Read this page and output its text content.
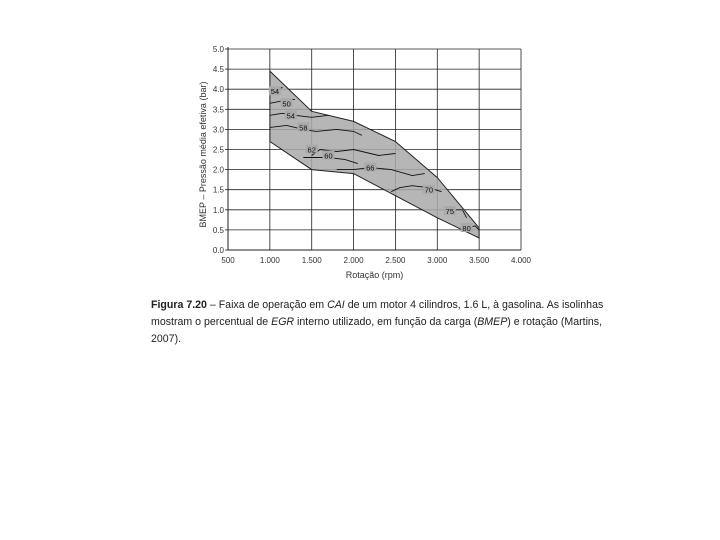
54
50
54
58
62
60
66
70
75
80
0.0
0.5
1.0
1.5
2.0
2.5
3.0
3.5
4.0
4.5
5.0
500	1.000	1.500	2.000	2.500	3.000	3.500	4.000
Rotação (rpm)
BMEP – Pressão média efetiva (bar)

Figura 7.20 – Faixa de operação em CAI de um motor 4 cilindros, 1.6 L, à gasolina. As isolinhas mostram o percentual de EGR interno utilizado, em função da carga (BMEP) e rotação (Martins, 2007).
